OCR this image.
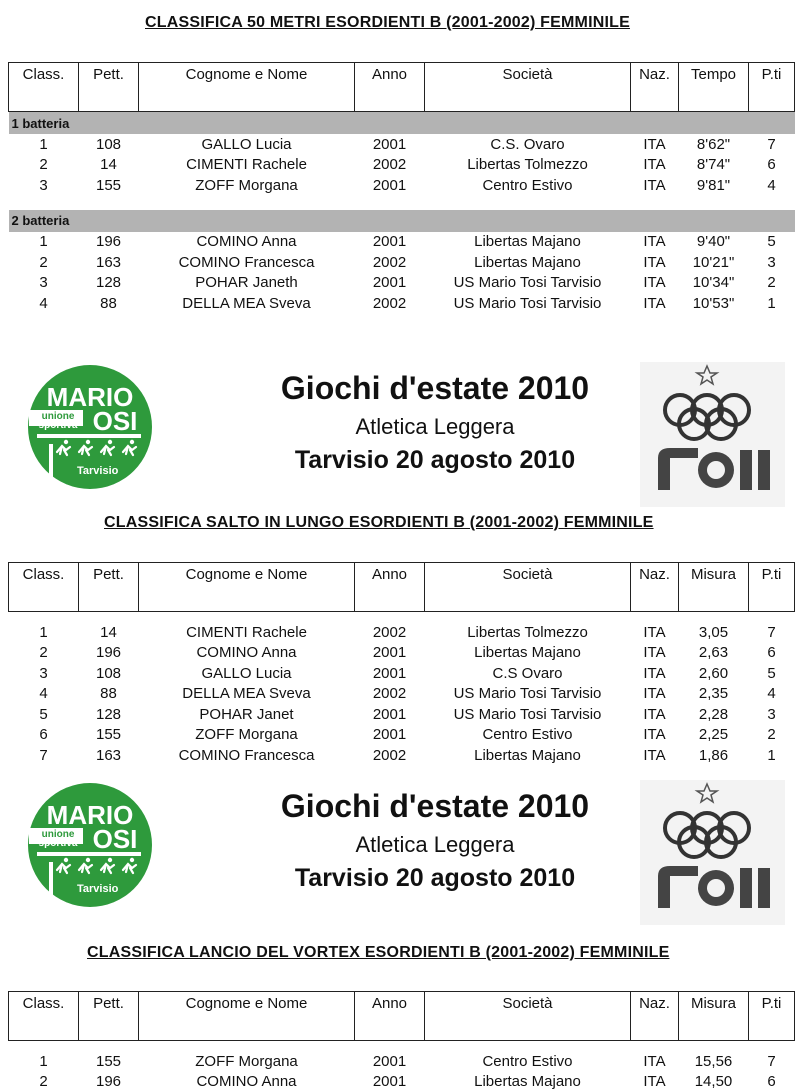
CLASSIFICA 50 METRI ESORDIENTI B (2001-2002) FEMMINILE
Class.	Pett.	Cognome e Nome	Anno	Società	Naz.	Tempo	P.ti
1 batteria							
1	108	GALLO Lucia	2001	C.S. Ovaro	ITA	8'62"	7
2	14	CIMENTI Rachele	2002	Libertas Tolmezzo	ITA	8'74"	6
3	155	ZOFF Morgana	2001	Centro Estivo	ITA	9'81"	4

2 batteria							
1	196	COMINO Anna	2001	Libertas Majano	ITA	9'40"	5
2	163	COMINO Francesca	2002	Libertas Majano	ITA	10'21"	3
3	128	POHAR Janeth	2001	US Mario Tosi Tarvisio	ITA	10'34"	2
4	88	DELLA MEA Sveva	2002	US Mario Tosi Tarvisio	ITA	10'53"	1
MARIO
OSI
unione
sportiva
Tarvisio
Giochi d'estate 2010
Atletica Leggera
Tarvisio 20 agosto 2010
CLASSIFICA SALTO IN LUNGO ESORDIENTI B (2001-2002) FEMMINILE
Class.	Pett.	Cognome e Nome	Anno	Società	Naz.	Misura	P.ti

1	14	CIMENTI Rachele	2002	Libertas Tolmezzo	ITA	3,05	7
2	196	COMINO Anna	2001	Libertas Majano	ITA	2,63	6
3	108	GALLO Lucia	2001	C.S Ovaro	ITA	2,60	5
4	88	DELLA MEA Sveva	2002	US Mario Tosi Tarvisio	ITA	2,35	4
5	128	POHAR Janet	2001	US Mario Tosi Tarvisio	ITA	2,28	3
6	155	ZOFF Morgana	2001	Centro Estivo	ITA	2,25	2
7	163	COMINO Francesca	2002	Libertas Majano	ITA	1,86	1
MARIO
OSI
unione
sportiva
Tarvisio
Giochi d'estate 2010
Atletica Leggera
Tarvisio 20 agosto 2010
CLASSIFICA LANCIO DEL VORTEX ESORDIENTI B (2001-2002) FEMMINILE
Class.	Pett.	Cognome e Nome	Anno	Società	Naz.	Misura	P.ti

1	155	ZOFF Morgana	2001	Centro Estivo	ITA	15,56	7
2	196	COMINO Anna	2001	Libertas Majano	ITA	14,50	6
